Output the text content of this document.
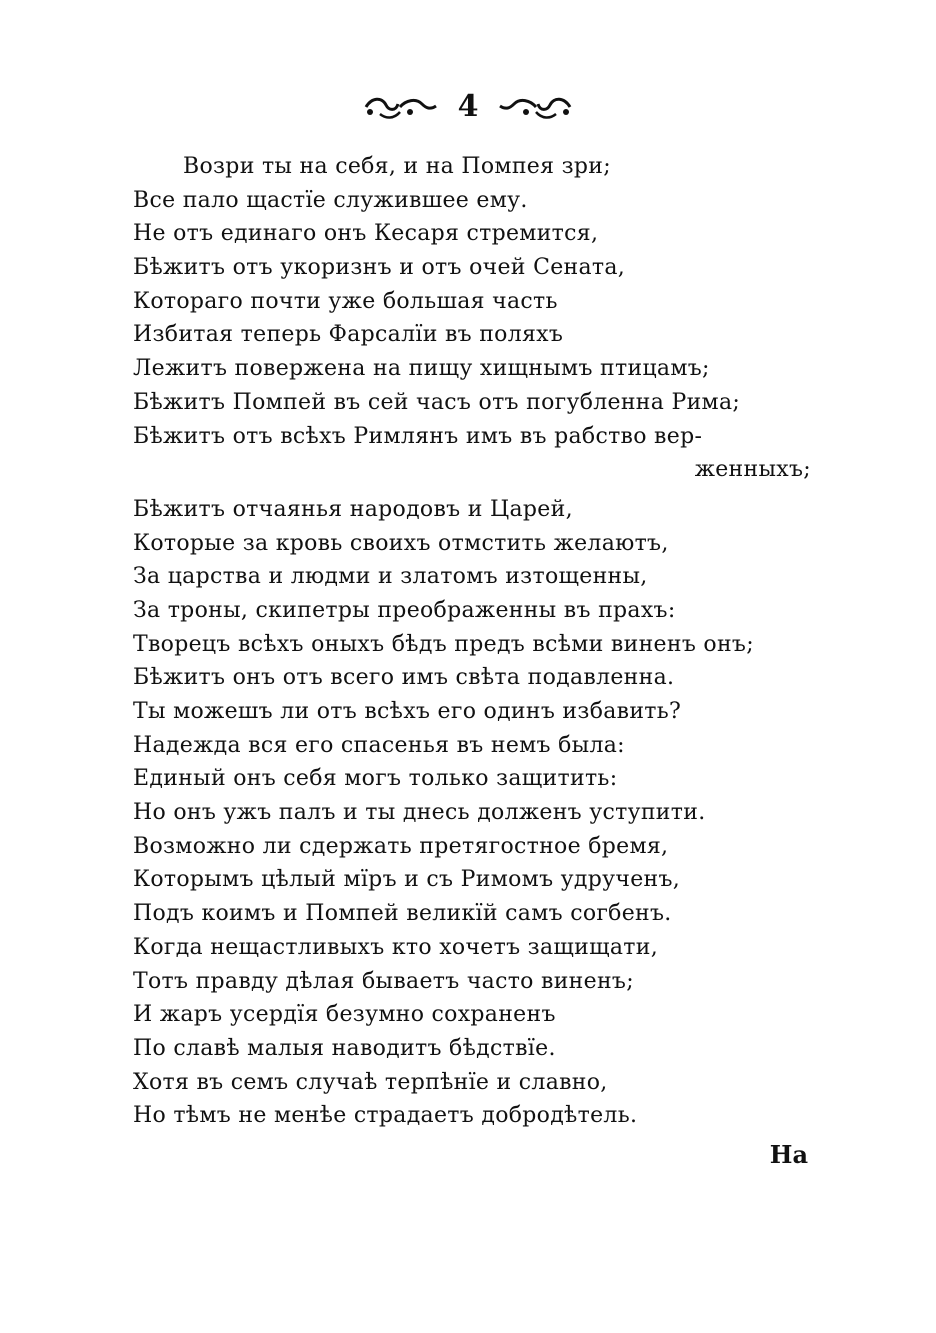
4
Возри ты на себя, и на Помпея зри;
Все пало щастїе служившее ему.
Не отъ единаго онъ Кесаря стремится,
Бѣжитъ отъ укоризнъ и отъ очей Сената,
Котораго почти уже большая часть
Избитая теперь Фарсалїи въ поляхъ
Лежитъ повержена на пищу хищнымъ птицамъ;
Бѣжитъ Помпей въ сей часъ отъ погубленна Рима;
Бѣжитъ отъ всѣхъ Римлянъ имъ въ рабство вер-
женныхъ;
Бѣжитъ отчаянья народовъ и Царей,
Которые за кровь своихъ отмстить желаютъ,
За царства и людми и златомъ изтощенны,
За троны, скипетры преображенны въ прахъ:
Творецъ всѣхъ оныхъ бѣдъ предъ всѣми виненъ онъ;
Бѣжитъ онъ отъ всего имъ свѣта подавленна.
Ты можешъ ли отъ всѣхъ его одинъ избавить?
Надежда вся его спасенья въ немъ была:
Единый онъ себя могъ только защитить:
Но онъ ужъ палъ и ты днесь долженъ уступити.
Возможно ли сдержать претягостное бремя,
Которымъ цѣлый мїръ и съ Римомъ удрученъ,
Подъ коимъ и Помпей великїй самъ согбенъ.
Когда нещастливыхъ кто хочетъ защищати,
Тотъ правду дѣлая бываетъ часто виненъ;
И жаръ усердїя безумно сохраненъ
По славѣ малыя наводитъ бѣдствїе.
Хотя въ семъ случаѣ терпѣнїе и славно,
Но тѣмъ не менѣе страдаетъ добродѣтель.
На
